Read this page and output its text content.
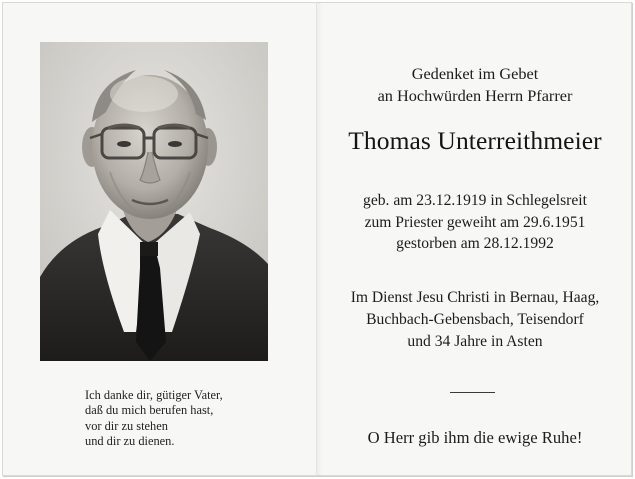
Ich danke dir, gütiger Vater,
daß du mich berufen hast,
vor dir zu stehen
und dir zu dienen.
Gedenket im Gebet
an Hochwürden Herrn Pfarrer
Thomas Unterreithmeier
geb. am 23.12.1919 in Schlegelsreit
zum Priester geweiht am 29.6.1951
gestorben am 28.12.1992
Im Dienst Jesu Christi in Bernau, Haag,
Buchbach-Gebensbach, Teisendorf
und 34 Jahre in Asten
O Herr gib ihm die ewige Ruhe!
